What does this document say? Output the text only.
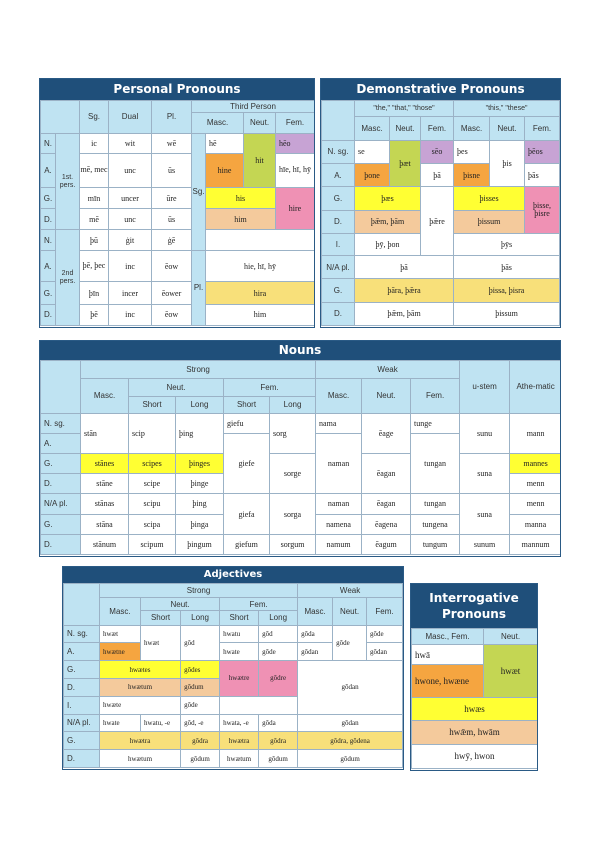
Personal Pronouns
		Sg.	Dual	Pl.	Third Person			
					Masc.		Neut.	Fem.
N.	1st. pers.	ic	wit	wē	Sg.	hē	hit	hēo
A.		mē, mec	unc	ūs		hine		hīe, hī, hӯ
G.		mīn	uncer	ūre		his		hire
D.		mē	unc	ūs		him		
N.	2nd pers.	þū	ġit	ġē				
A.		þē, þec	inc	ēow	Pl.	hie, hī, hӯ		
G.		þīn	incer	ēower		hira		
D.		þē	inc	ēow		him		
Demonstrative Pronouns
	"the," "that," "those"			"this," "these"		
	Masc.	Neut.	Fem.	Masc.	Neut.	Fem.
N. sg.	se	þæt	sēo	þes	þis	þēos
A.	þone		þā	þisne		þās
G.	þæs		þǣre	þisses		þisse, þisre
D.	þǣm, þām			þissum		
I.	þӯ, þon			þӯs		
N/A pl.	þā			þās		
G.	þāra, þǣra			þissa, þisra		
D.	þǣm, þām			þissum		
Nouns
	Strong					Weak			u-stem	Athe-matic
	Masc.	Neut.		Fem.		Masc.	Neut.	Fem.		
		Short	Long	Short	Long					
N. sg.	stān	scip	þing	giefu	sorg	nama	ēage	tunge	sunu	mann
A.				giefe		naman		tungan		
G.	stānes	scipes	þinges		sorge		ēagan		suna	mannes
D.	stāne	scipe	þinge							menn
N/A pl.	stānas	scipu	þing	giefa	sorga	naman	ēagan	tungan	suna	menn
G.	stāna	scipa	þinga			namena	ēagena	tungena		manna
D.	stānum	scipum	þingum	giefum	sorgum	namum	ēagum	tungum	sunum	mannum
Adjectives
	Strong					Weak		
	Masc.	Neut.		Fem.		Masc.	Neut.	Fem.
		Short	Long	Short	Long			
N. sg.	hwæt	hwæt	gōd	hwatu	gōd	gōda	gōde	gōde
A.	hwætne			hwate	gōde	gōdan		gōdan
G.	hwætes		gōdes	hwætre	gōdre	gōdan		
D.	hwætum		gōdum					
I.	hwæte		gōde					
N/A pl.	hwate	hwatu, -e	gōd, -e	hwata, -e	gōda	gōdan		
G.	hwætra		gōdra	hwætra	gōdra	gōdra, gōdena		
D.	hwætum		gōdum	hwætum	gōdum	gōdum		
Interrogative Pronouns
Masc., Fem.	Neut.
hwā	hwæt
hwone, hwæne	
hwæs	
hwǣm, hwām	
hwӯ, hwon	
